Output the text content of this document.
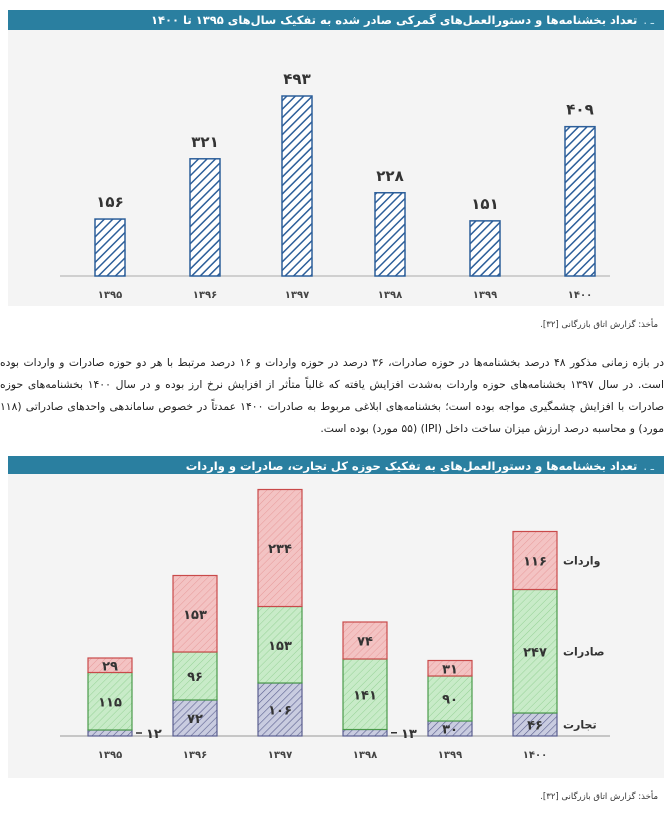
ـ .تعداد بخشنامه‌ها و دستورالعمل‌های گمرکی صادر شده به تفکیک سال‌های ۱۳۹۵ تا ۱۴۰۰
مأخذ: گزارش اتاق بازرگانی [۳۲].
در بازه زمانی مذکور ۴۸ درصد بخشنامه‌ها در حوزه صادرات، ۳۶ درصد در حوزه واردات و ۱۶ درصد مرتبط با هر دو حوزه صادرات و واردات بوده است. در سال ۱۳۹۷ بخشنامه‌های حوزه واردات به‌شدت افزایش یافته که غالباً متأثر از افزایش نرخ ارز بوده و در سال ۱۴۰۰ بخشنامه‌های حوزه صادرات با افزایش چشمگیری مواجه بوده است؛ بخشنامه‌های ابلاغی مربوط به صادرات ۱۴۰۰ عمدتاً در خصوص ساماندهی واحدهای صادراتی (۱۱۸ مورد) و محاسبه درصد ارزش میزان ساخت داخل (IPI) (۵۵ مورد) بوده است.
ـ .تعداد بخشنامه‌ها و دستورالعمل‌های به تفکیک حوزه کل تجارت، صادرات و واردات
مأخذ: گزارش اتاق بازرگانی [۳۲].
۱۵۶
۱۳۹۵
۳۲۱
۱۳۹۶
۴۹۳
۱۳۹۷
۲۲۸
۱۳۹۸
۱۵۱
۱۳۹۹
۴۰۹
۱۴۰۰
۱۲
۱۱۵
۲۹
۱۳۹۵
۷۲
۹۶
۱۵۳
۱۳۹۶
۱۰۶
۱۵۳
۲۳۴
۱۳۹۷
۱۳
۱۴۱
۷۴
۱۳۹۸
۳۰
۹۰
۳۱
۱۳۹۹
۴۶
۲۴۷
۱۱۶
۱۴۰۰
تجارت
صادرات
واردات
